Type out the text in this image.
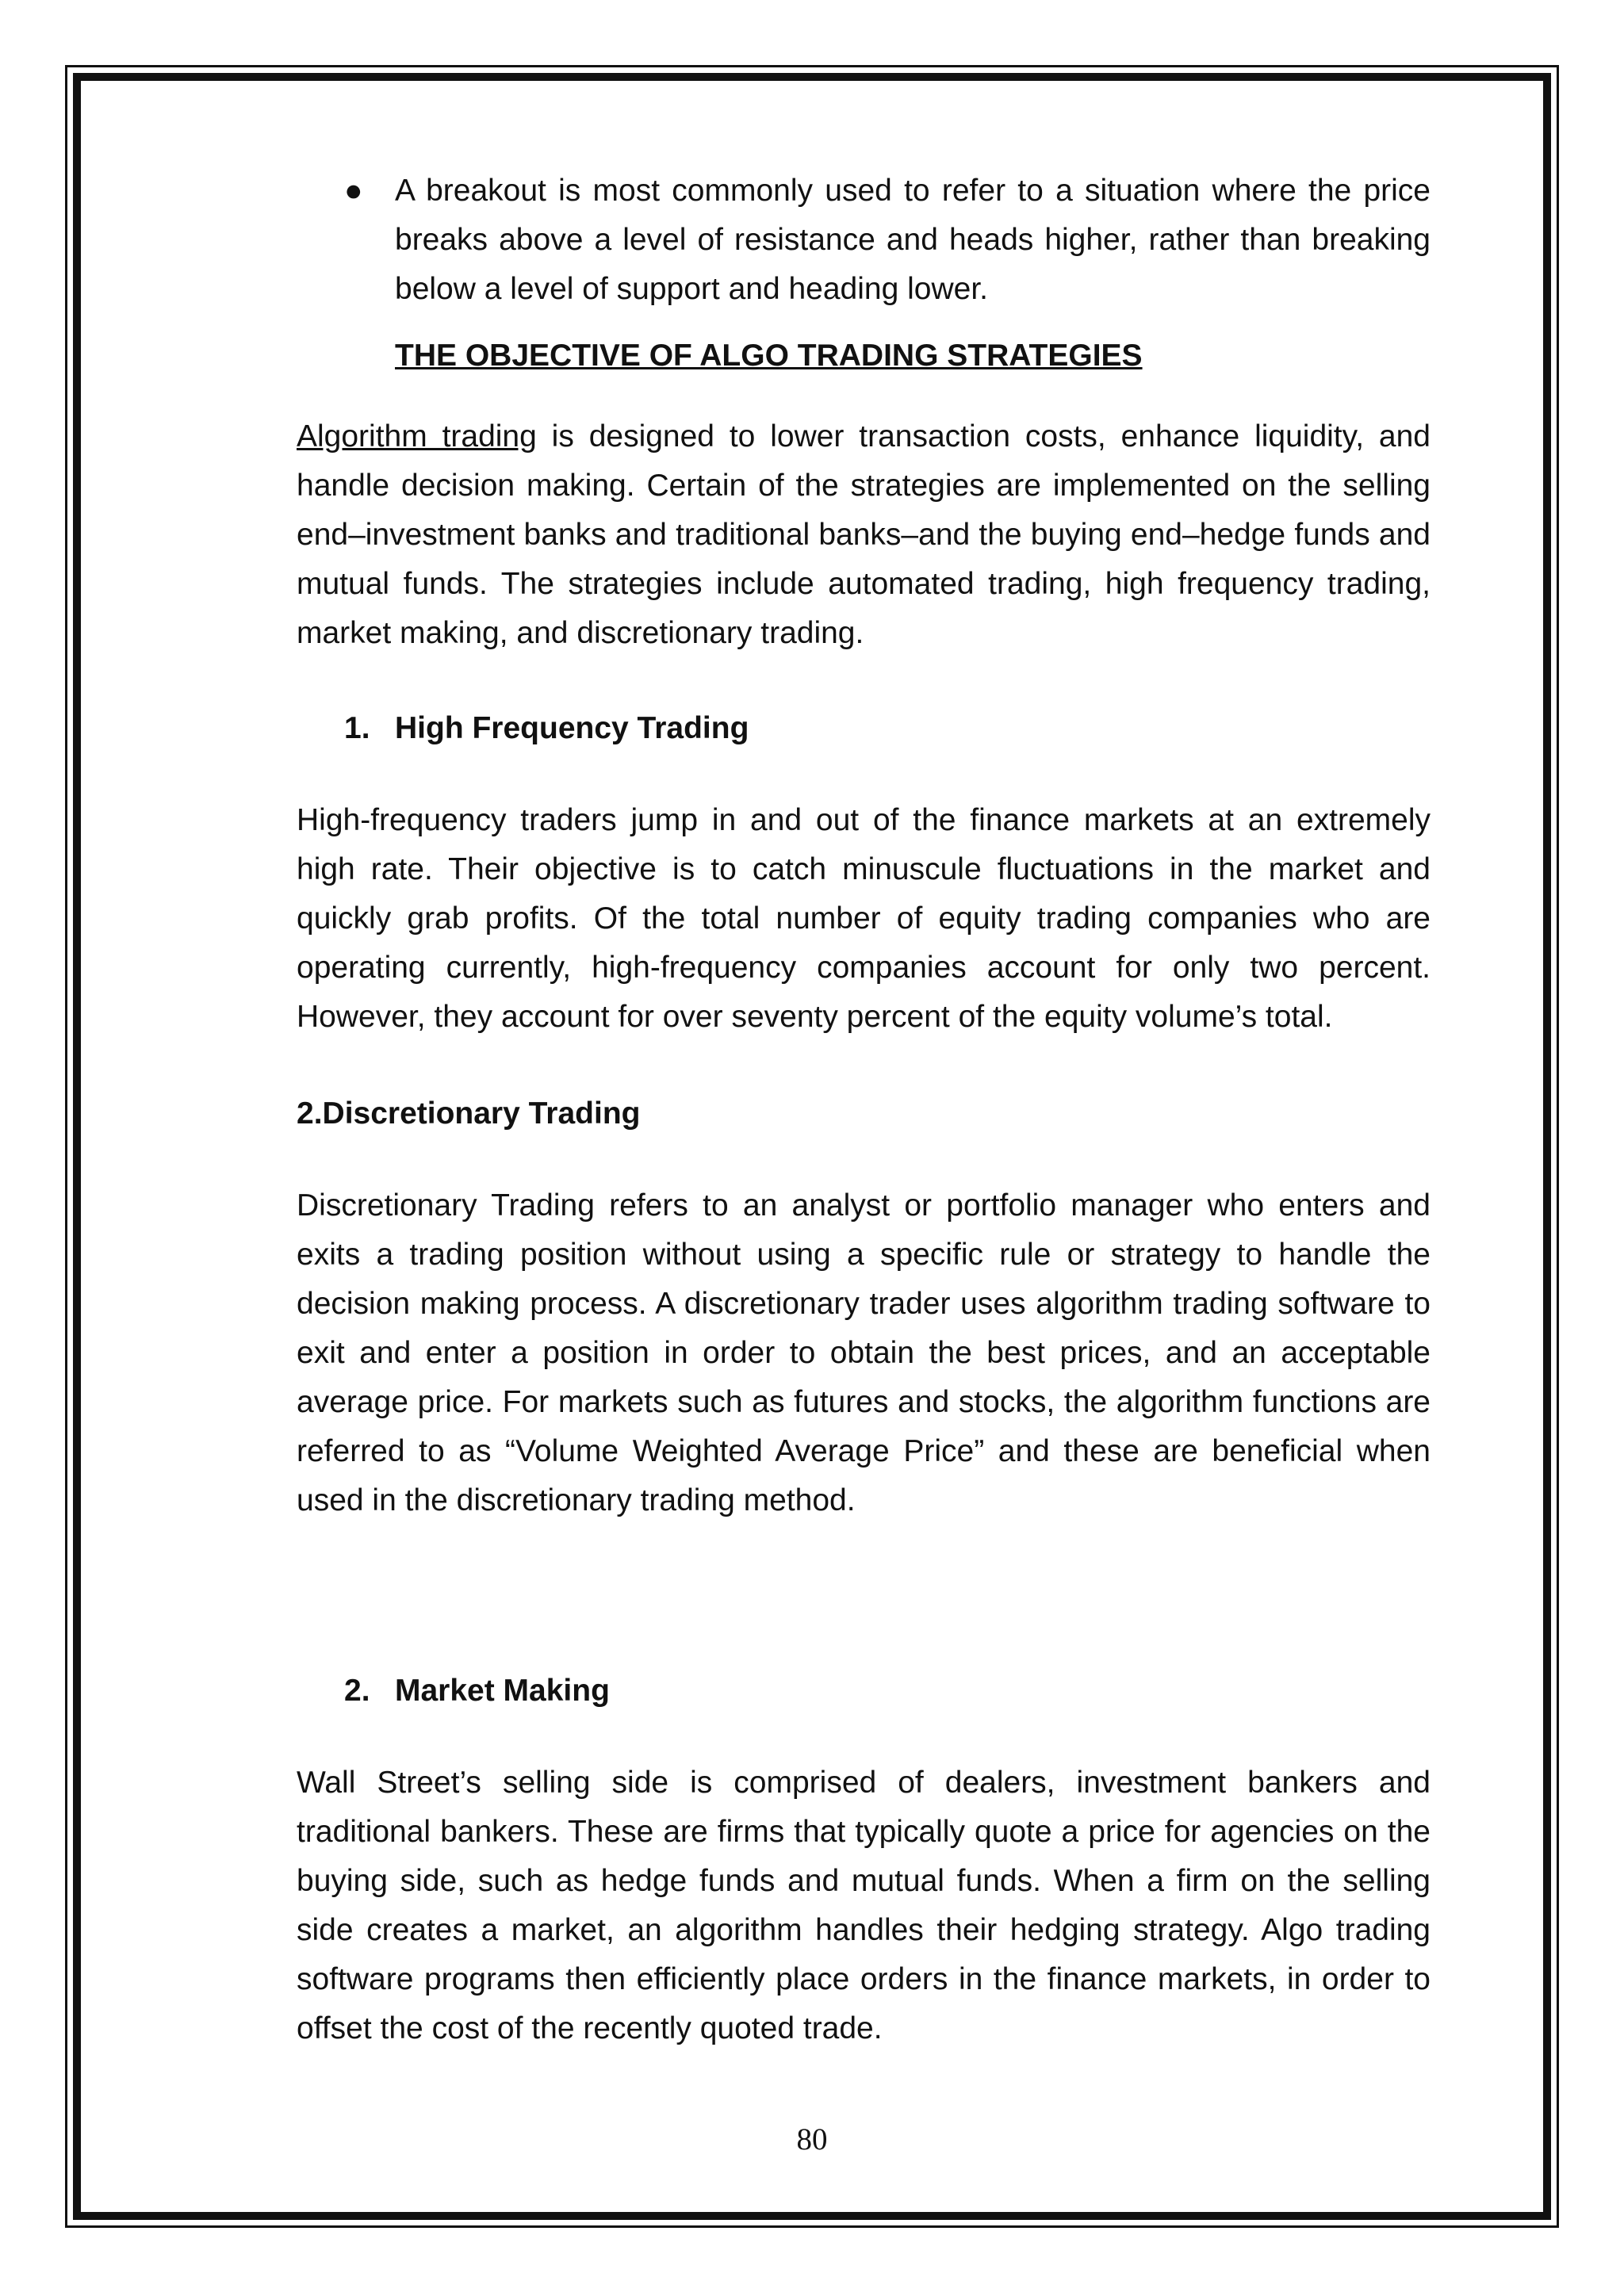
● A breakout is most commonly used to refer to a situation where the price breaks above a level of resistance and heads higher, rather than breaking below a level of support and heading lower.

THE OBJECTIVE OF ALGO TRADING STRATEGIES

Algorithm trading is designed to lower transaction costs, enhance liquidity, and handle decision making. Certain of the strategies are implemented on the selling end–investment banks and traditional banks–and the buying end–hedge funds and mutual funds. The strategies include automated trading, high frequency trading, market making, and discretionary trading.

1. High Frequency Trading

High-frequency traders jump in and out of the finance markets at an extremely high rate. Their objective is to catch minuscule fluctuations in the market and quickly grab profits. Of the total number of equity trading companies who are operating currently, high-frequency companies account for only two percent. However, they account for over seventy percent of the equity volume’s total.

2.Discretionary Trading

Discretionary Trading refers to an analyst or portfolio manager who enters and exits a trading position without using a specific rule or strategy to handle the decision making process. A discretionary trader uses algorithm trading software to exit and enter a position in order to obtain the best prices, and an acceptable average price. For markets such as futures and stocks, the algorithm functions are referred to as “Volume Weighted Average Price” and these are beneficial when used in the discretionary trading method.

2. Market Making

Wall Street’s selling side is comprised of dealers, investment bankers and traditional bankers. These are firms that typically quote a price for agencies on the buying side, such as hedge funds and mutual funds. When a firm on the selling side creates a market, an algorithm handles their hedging strategy. Algo trading software programs then efficiently place orders in the finance markets, in order to offset the cost of the recently quoted trade.

80
